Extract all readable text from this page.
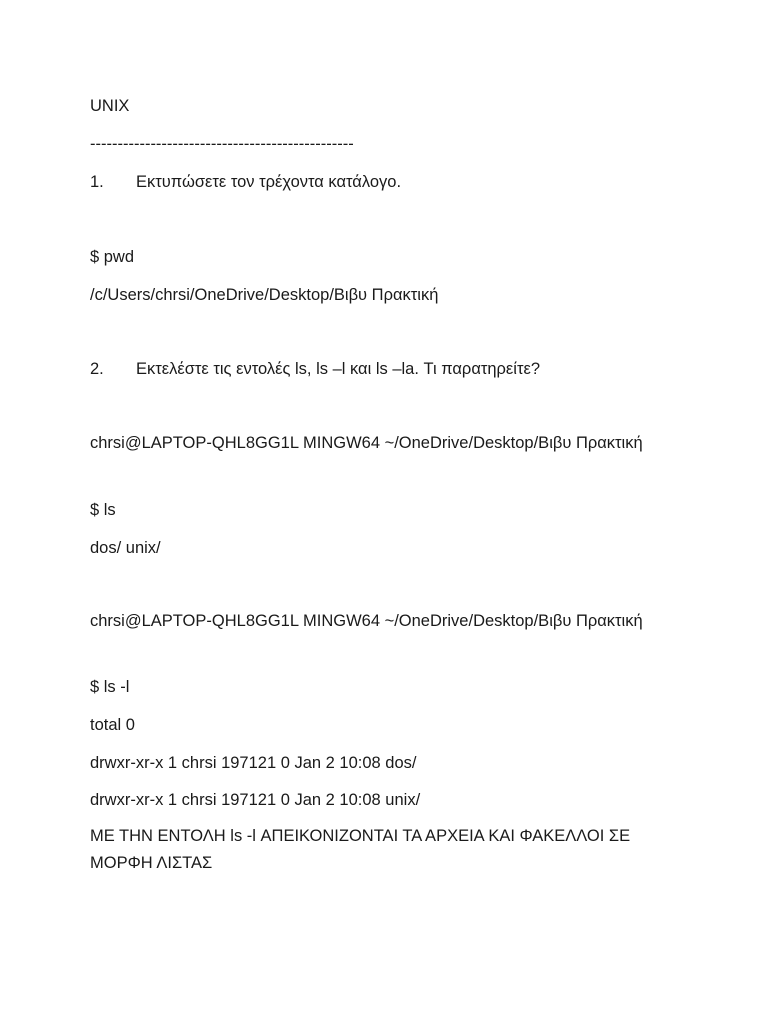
UNIX
------------------------------------------------
1. Εκτυπώσετε τον τρέχοντα κατάλογο.
$ pwd
/c/Users/chrsi/OneDrive/Desktop/Βιβυ Πρακτική
2. Εκτελέστε τις εντολές ls, ls –l και ls –la. Τι παρατηρείτε?
chrsi@LAPTOP-QHL8GG1L MINGW64 ~/OneDrive/Desktop/Βιβυ Πρακτική
$ ls
dos/ unix/
chrsi@LAPTOP-QHL8GG1L MINGW64 ~/OneDrive/Desktop/Βιβυ Πρακτική
$ ls -l
total 0
drwxr-xr-x 1 chrsi 197121 0 Jan 2 10:08 dos/
drwxr-xr-x 1 chrsi 197121 0 Jan 2 10:08 unix/
ΜΕ ΤΗΝ ΕΝΤΟΛΗ ls -l ΑΠΕΙΚΟΝΙΖΟΝΤΑΙ ΤΑ ΑΡΧΕΙΑ ΚΑΙ ΦΑΚΕΛΛΟΙ ΣΕ ΜΟΡΦΗ ΛΙΣΤΑΣ
